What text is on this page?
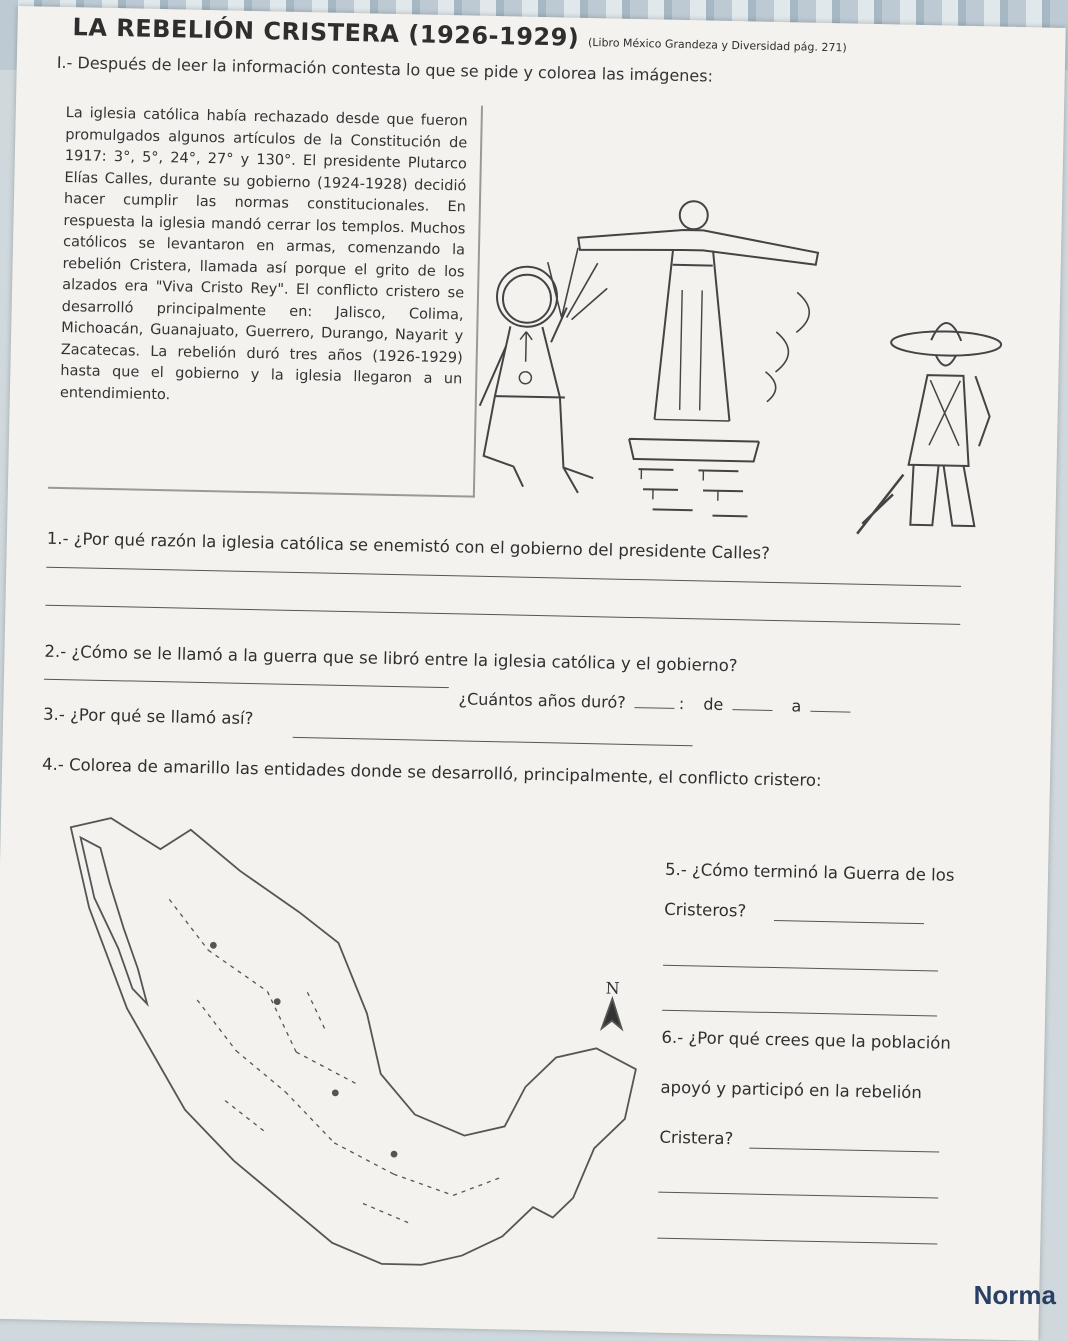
LA REBELIÓN CRISTERA (1926-1929) (Libro México Grandeza y Diversidad pág. 271)
I.- Después de leer la información contesta lo que se pide y colorea las imágenes:
La iglesia católica había rechazado desde que fueron promulgados algunos artículos de la Constitución de 1917: 3°, 5°, 24°, 27° y 130°. El presidente Plutarco Elías Calles, durante su gobierno (1924-1928) decidió hacer cumplir las normas constitucionales. En respuesta la iglesia mandó cerrar los templos. Muchos católicos se levantaron en armas, comenzando la rebelión Cristera, llamada así porque el grito de los alzados era "Viva Cristo Rey". El conflicto cristero se desarrolló principalmente en: Jalisco, Colima, Michoacán, Guanajuato, Guerrero, Durango, Nayarit y Zacatecas. La rebelión duró tres años (1926-1929) hasta que el gobierno y la iglesia llegaron a un entendimiento.
1.- ¿Por qué razón la iglesia católica se enemistó con el gobierno del presidente Calles?
2.- ¿Cómo se le llamó a la guerra que se libró entre la iglesia católica y el gobierno?
3.- ¿Por qué se llamó así?
¿Cuántos años duró?	: de	a
4.- Colorea de amarillo las entidades donde se desarrolló, principalmente, el conflicto cristero:
N
5.- ¿Cómo terminó la Guerra de los
Cristeros?
6.- ¿Por qué crees que la población
apoyó y participó en la rebelión
Cristera?
Norma
